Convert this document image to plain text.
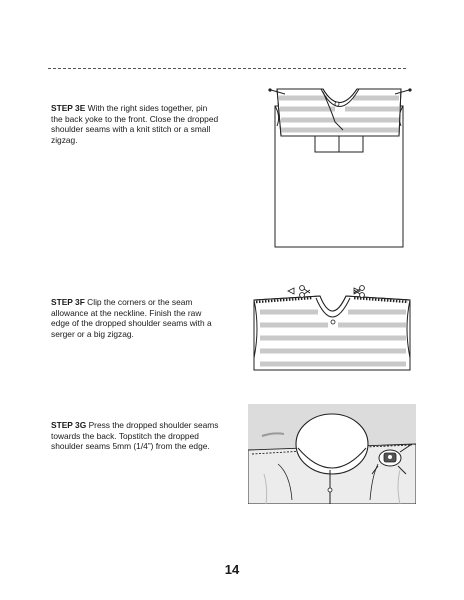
STEP 3E With the right sides together, pin the back yoke to the front. Close the dropped shoulder seams with a knit stitch or a small zigzag.
STEP 3F Clip the corners or the seam allowance at the neckline. Finish the raw edge of the dropped shoulder seams with a serger or a big zigzag.
STEP 3G Press the dropped shoulder seams towards the back. Topstitch the dropped shoulder seams 5mm (1/4”) from the edge.
14
